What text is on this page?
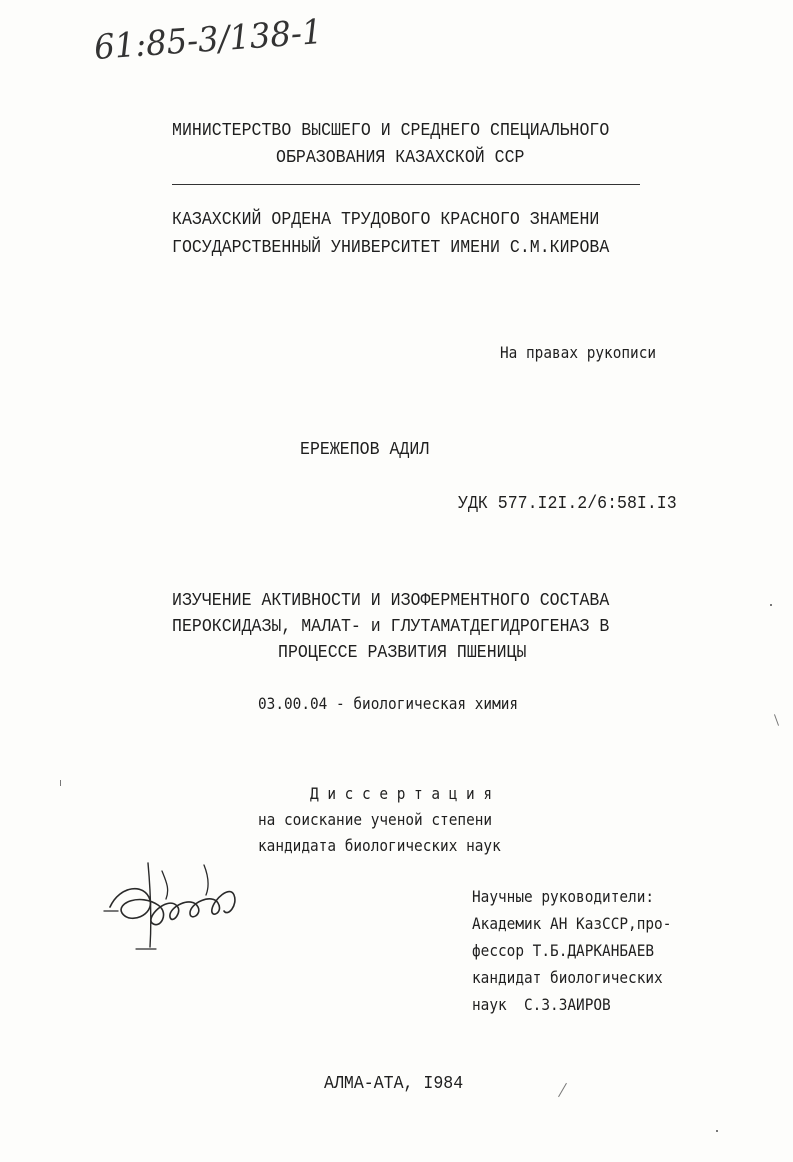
61:85-3/138-1
МИНИСТЕРСТВО ВЫСШЕГО И СРЕДНЕГО СПЕЦИАЛЬНОГО
ОБРАЗОВАНИЯ КАЗАХСКОЙ ССР
КАЗАХСКИЙ ОРДЕНА ТРУДОВОГО КРАСНОГО ЗНАМЕНИ
ГОСУДАРСТВЕННЫЙ УНИВЕРСИТЕТ ИМЕНИ С.М.КИРОВА
На правах рукописи
ЕРЕЖЕПОВ АДИЛ
УДК 577.I2I.2/6:58I.I3
ИЗУЧЕНИЕ АКТИВНОСТИ И ИЗОФЕРМЕНТНОГО СОСТАВА
ПЕРОКСИДАЗЫ, МАЛАТ- и ГЛУТАМАТДЕГИДРОГЕНАЗ В
ПРОЦЕССЕ РАЗВИТИЯ ПШЕНИЦЫ
03.00.04 - биологическая химия
Д и с с е р т а ц и я
на соискание ученой степени
кандидата биологических наук
Научные руководители:
Академик АН КазССР,про-
фессор Т.Б.ДАРКАНБАЕВ
кандидат биологических
наук  С.З.ЗАИРОВ
АЛМА-АТА, I984
